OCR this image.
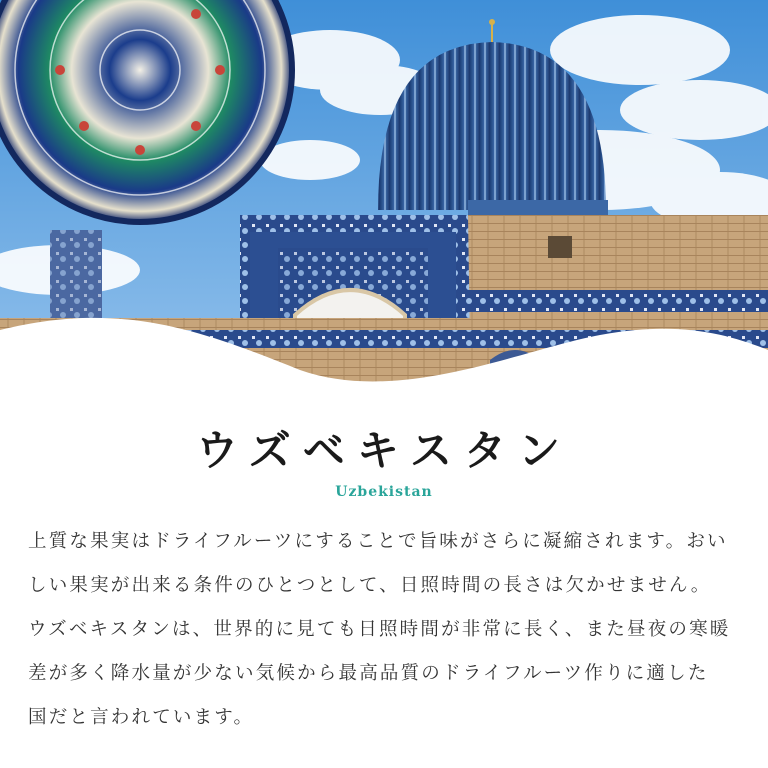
ウズベキスタン
Uzbekistan
上質な果実はドライフルーツにすることで旨味がさらに凝縮されます。おい
しい果実が出来る条件のひとつとして、日照時間の長さは欠かせません。
ウズベキスタンは、世界的に見ても日照時間が非常に長く、また昼夜の寒暖
差が多く降水量が少ない気候から最高品質のドライフルーツ作りに適した
国だと言われています。
